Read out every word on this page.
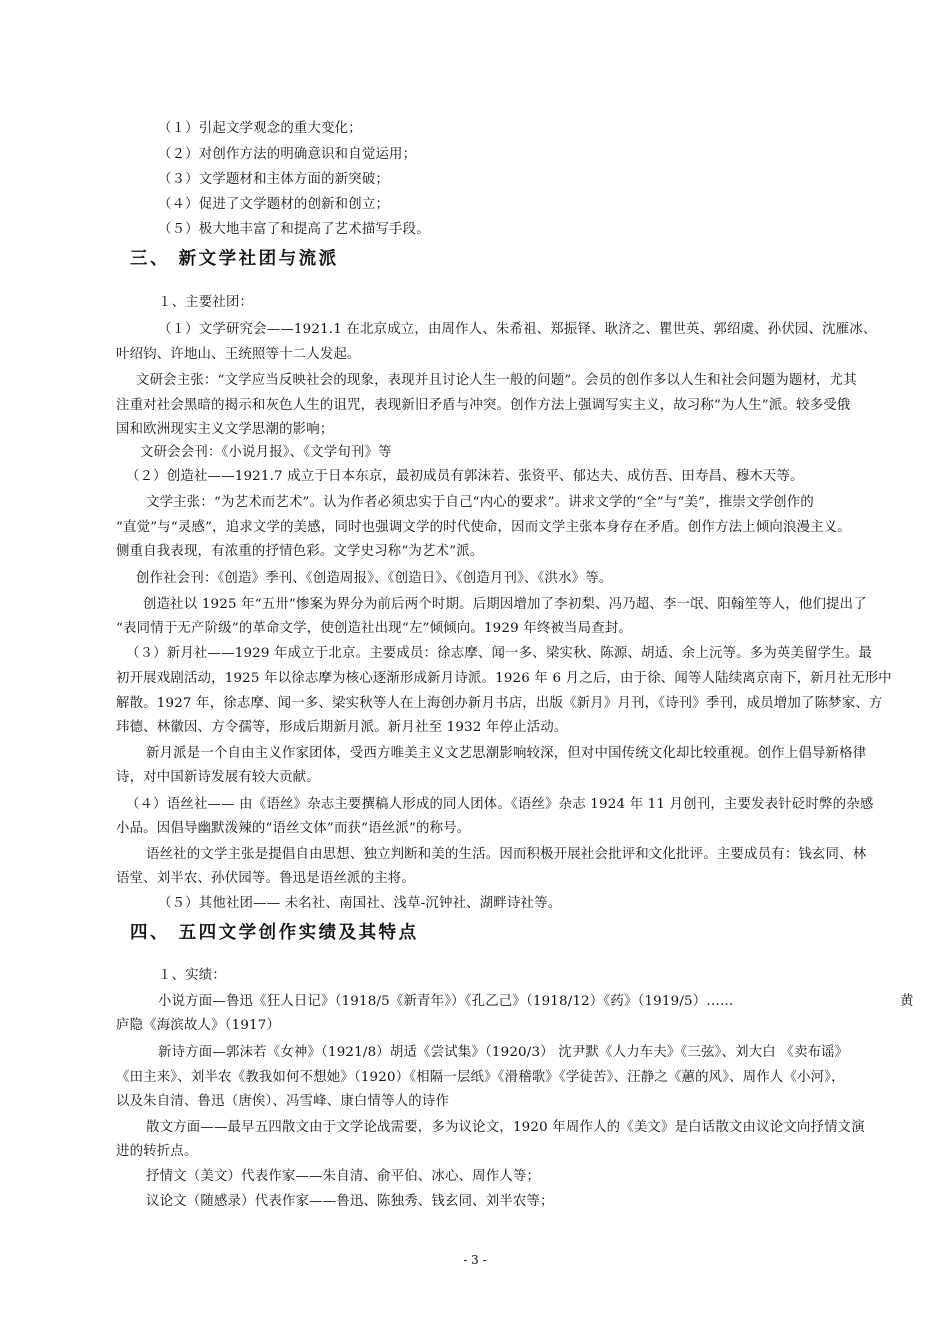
（１）引起文学观念的重大变化；
（２）对创作方法的明确意识和自觉运用；
（３）文学题材和主体方面的新突破；
（４）促进了文学题材的创新和创立；
（５）极大地丰富了和提高了艺术描写手段。
三、 新文学社团与流派
１、主要社团：
（１）文学研究会——1921.1 在北京成立，由周作人、朱希祖、郑振铎、耿济之、瞿世英、郭绍虞、孙伏园、沈雁冰、
叶绍钧、许地山、王统照等十二人发起。
文研会主张：“文学应当反映社会的现象，表现并且讨论人生一般的问题”。会员的创作多以人生和社会问题为题材，尤其
注重对社会黑暗的揭示和灰色人生的诅咒，表现新旧矛盾与冲突。创作方法上强调写实主义，故习称“为人生”派。较多受俄
国和欧洲现实主义文学思潮的影响；
文研会会刊：《小说月报》、《文学旬刊》等
（２）创造社——1921.7 成立于日本东京，最初成员有郭沫若、张资平、郁达夫、成仿吾、田寿昌、穆木天等。
文学主张：“为艺术而艺术”。认为作者必须忠实于自己“内心的要求”。讲求文学的“全”与“美”，推崇文学创作的
“直觉”与“灵感”，追求文学的美感，同时也强调文学的时代使命，因而文学主张本身存在矛盾。创作方法上倾向浪漫主义。
侧重自我表现，有浓重的抒情色彩。文学史习称“为艺术”派。
创作社会刊：《创造》季刊、《创造周报》、《创造日》、《创造月刊》、《洪水》等。
创造社以 1925 年“五卅”惨案为界分为前后两个时期。后期因增加了李初梨、冯乃超、李一氓、阳翰笙等人，他们提出了
“表同情于无产阶级”的革命文学，使创造社出现“左”倾倾向。1929 年终被当局查封。
（３）新月社——1929 年成立于北京。主要成员：徐志摩、闻一多、梁实秋、陈源、胡适、余上沅等。多为英美留学生。最
初开展戏剧活动，1925 年以徐志摩为核心逐渐形成新月诗派。1926 年 6 月之后，由于徐、闻等人陆续离京南下，新月社无形中
解散。1927 年，徐志摩、闻一多、梁实秋等人在上海创办新月书店，出版《新月》月刊，《诗刊》季刊，成员增加了陈梦家、方
玮德、林徽因、方令孺等，形成后期新月派。新月社至 1932 年停止活动。
新月派是一个自由主义作家团体，受西方唯美主义文艺思潮影响较深，但对中国传统文化却比较重视。创作上倡导新格律
诗，对中国新诗发展有较大贡献。
（４）语丝社—— 由《语丝》杂志主要撰稿人形成的同人团体。《语丝》杂志 1924 年 11 月创刊，主要发表针砭时弊的杂感
小品。因倡导幽默泼辣的“语丝文体”而获“语丝派”的称号。
语丝社的文学主张是提倡自由思想、独立判断和美的生活。因而积极开展社会批评和文化批评。主要成员有：钱玄同、林
语堂、刘半农、孙伏园等。鲁迅是语丝派的主将。
（５）其他社团—— 未名社、南国社、浅草-沉钟社、湖畔诗社等。
四、 五四文学创作实绩及其特点
１、实绩：
小说方面—鲁迅《狂人日记》（1918/5《新青年》）《孔乙己》（1918/12）《药》（1919/5）……	黄
庐隐《海滨故人》（1917）
新诗方面—郭沫若《女神》（1921/8）胡适《尝试集》（1920/3） 沈尹默《人力车夫》《三弦》、刘大白 《卖布谣》
《田主来》、刘半农《教我如何不想她》（1920）《相隔一层纸》《滑稽歌》《学徒苦》、汪静之《蕙的风》、周作人《小河》，
以及朱自清、鲁迅（唐俟）、冯雪峰、康白情等人的诗作
散文方面——最早五四散文由于文学论战需要，多为议论文，1920 年周作人的《美文》是白话散文由议论文向抒情文演
进的转折点。
抒情文（美文）代表作家——朱自清、俞平伯、冰心、周作人等；
议论文（随感录）代表作家——鲁迅、陈独秀、钱玄同、刘半农等；
- 3 -
